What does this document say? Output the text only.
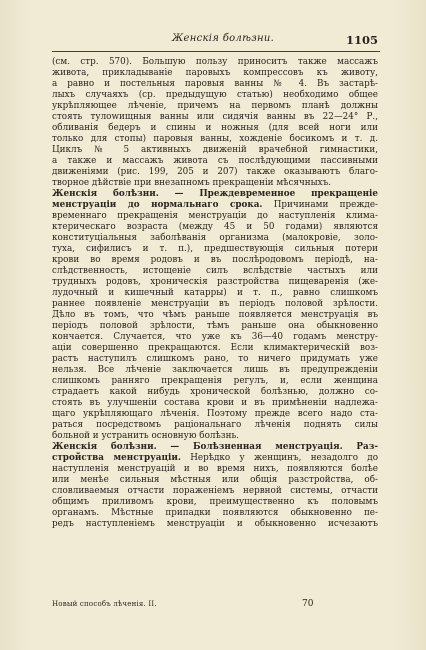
Женскiя болѣзни.	1105

(см. стр. 570). Большую пользу приноситъ также массажъ

живота, прикладываніе паровыхъ компрессовъ къ животу,

а равно и постельныя паровыя ванны № 4. Въ застарѣ-

лыхъ случаяхъ (ср. предыдущую статью) необходимо общее

укрѣпляющее лѣченіе, причемъ на первомъ планѣ должны

стоять тулowищныя ванны или сидячія ванны въ 22—24° Р.,

обливанія бедеръ и спины и ножныя (для всей ноги или

только для стопы) паровыя ванны, хожденіе босикомъ и т. д.

Циклъ № 5 активныхъ движеній врачебной гимнастики,

а также и массажъ живота съ послѣдующими пассивными

движеніями (рис. 199, 205 и 207) также оказываютъ благо-

творное дѣйствіе при внезапномъ прекращеніи мѣсячныхъ.

Женскія болѣзни. — Преждевременное прекращеніе

менструаціи до нормальнаго срока. Причинами прежде-

временнаго прекращенія менструаціи до наступленія клима-

ктерическаго возраста (между 45 и 50 годами) являются

конституціальныя заболѣванія организма (малокровіе, золо-

туха, сифилисъ и т. п.), предшествующія сильныя потери

крови во время родовъ и въ послѣродовомъ періодѣ, на-

слѣдственность, истощеніе силъ вслѣдствіе частыхъ или

трудныхъ родовъ, хроническія разстройства пищеваренія (же-

лудочный и кишечный катарры) и т. п., равно слишкомъ

раннее появленіе менструаціи въ періодъ половой зрѣлости.

Дѣло въ томъ, что чѣмъ раньше появляется менструація въ

періодъ половой зрѣлости, тѣмъ раньше она обыкновенно

кончается. Случается, что уже къ 36—40 годамъ менстру-

аціи совершенно прекращаются. Если климактерическій воз-

растъ наступилъ слишкомъ рано, то ничего придумать уже

нельзя. Все лѣченіе заключается лишь въ предупрежденіи

слишкомъ ранняго прекращенія регулъ, и, если женщина

страдаетъ какой нибудь хронической болѣзнью, должно со-

стоять въ улучшеніи состава крови и въ примѣненіи надлежа-

щаго укрѣпляющаго лѣченія. Поэтому прежде всего надо ста-

раться посредствомъ раціональнаго лѣченія поднять силы

больной и устранить основную болѣзнь.

Женскія болѣзни. — Болѣзненная менструація. Раз-

стройства менструаціи. Нерѣдко у женщинъ, незадолго до

наступленія менструацій и во время нихъ, появляются болѣе

или менѣе сильныя мѣстныя или общія разстройства, об-

словливаемыя отчасти пораженіемъ нервной системы, отчасти

общимъ приливомъ крови, преимущественно къ половымъ

органамъ. Мѣстные припадки появляются обыкновенно пе-

редъ наступленіемъ менструаціи и обыкновенно исчезаютъ

Новый способъ лѣченія. II.	70
